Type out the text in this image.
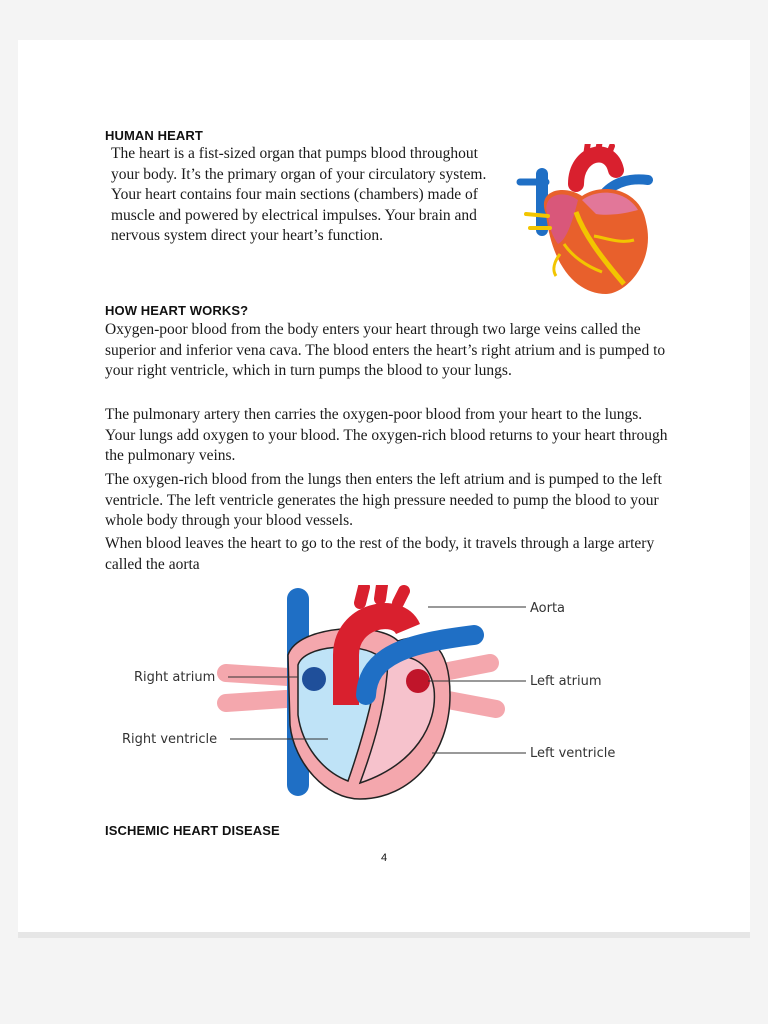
HUMAN HEART
The heart is a fist-sized organ that pumps blood throughout your body. It’s the primary organ of your circulatory system. Your heart contains four main sections (chambers) made of muscle and powered by electrical impulses. Your brain and nervous system direct your heart’s function.
HOW HEART WORKS?
Oxygen-poor blood from the body enters your heart through two large veins called the superior and inferior vena cava. The blood enters the heart’s right atrium and is pumped to your right ventricle, which in turn pumps the blood to your lungs.
The pulmonary artery then carries the oxygen-poor blood from your heart to the lungs. Your lungs add oxygen to your blood. The oxygen-rich blood returns to your heart through the pulmonary veins.
The oxygen-rich blood from the lungs then enters the left atrium and is pumped to the left ventricle. The left ventricle generates the high pressure needed to pump the blood to your whole body through your blood vessels.
When blood leaves the heart to go to the rest of the body, it travels through a large artery called the aorta
Aorta
Right atrium	Left atrium
Right ventricle
Left ventricle
ISCHEMIC HEART DISEASE
4
